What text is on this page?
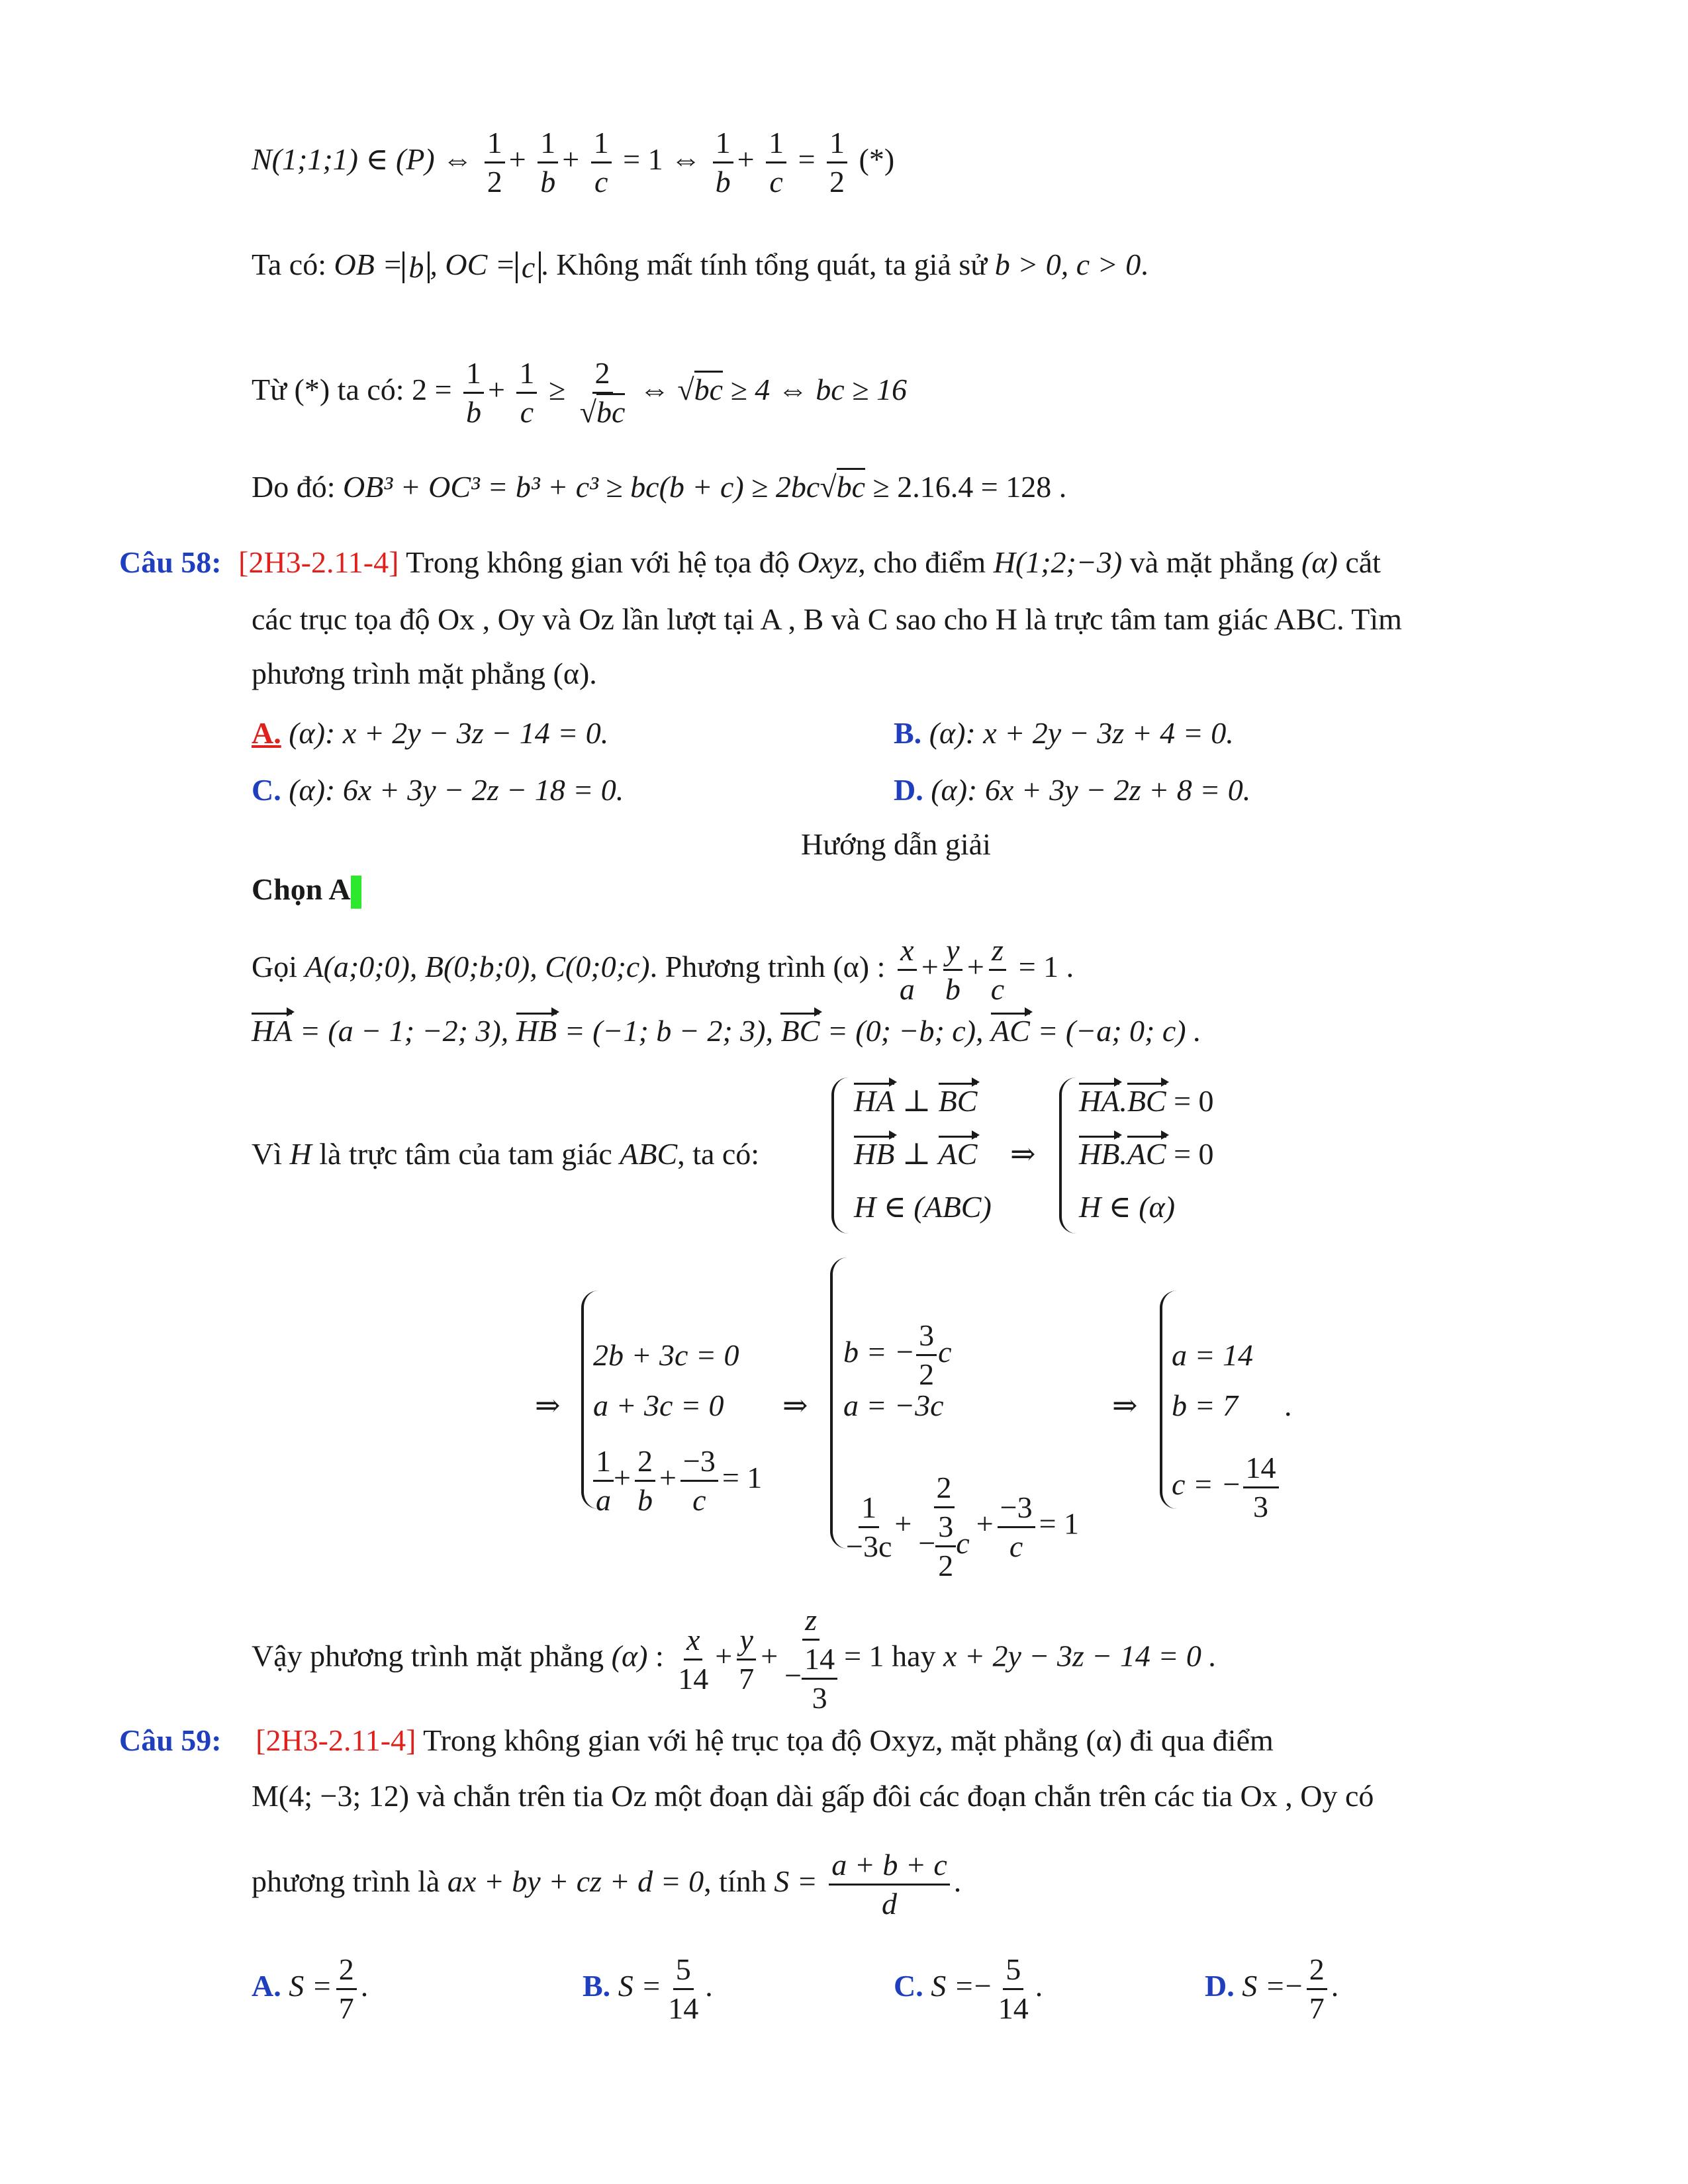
N(1;1;1) ∈ (P) ⇔ $\frac{1}{2} + \frac{1}{b} + \frac{1}{c} = 1$ ⇔ $\frac{1}{b} + \frac{1}{c} = \frac{1}{2}$ (*)
Ta có: OB = b , OC = c . Không mất tính tổng quát, ta giả sử b > 0, c > 0.
Từ (*) ta có: $2 = \frac{1}{b} + \frac{1}{c} \ge \frac{2}{√bc}$ ⇔ √bc ≥ 4 ⇔ bc ≥ 16
Do đó: OB³ + OC³ = b³ + c³ ≥ bc(b + c) ≥ 2bc√bc ≥ 2.16.4 = 128 .
Câu 58: [2H3-2.11-4] Trong không gian với hệ tọa độ Oxyz, cho điểm H(1;2;−3) và mặt phẳng (α) cắt
các trục tọa độ Ox , Oy và Oz lần lượt tại A , B và C sao cho H là trực tâm tam giác ABC. Tìm
phương trình mặt phẳng (α).
A. (α): x + 2y − 3z − 14 = 0.	B. (α): x + 2y − 3z + 4 = 0.
C. (α): 6x + 3y − 2z − 18 = 0.	D. (α): 6x + 3y − 2z + 8 = 0.
Hướng dẫn giải
Chọn A
Gọi A(a;0;0), B(0;b;0), C(0;0;c). Phương trình (α) : $\frac{x}{a} + \frac{y}{b} + \frac{z}{c} = 1$ .
HA = (a − 1; −2; 3), HB = (−1; b − 2; 3), BC = (0; −b; c), AC = (−a; 0; c) .
Vì H là trực tâm của tam giác ABC, ta có:
HA ⊥ BC
HB ⊥ AC
H ∈ (ABC)
⇒
HA.BC = 0
HB.AC = 0
H ∈ (α)
⇒
2b + 3c = 0
a + 3c = 0
$\frac{1}{a} + \frac{2}{b} + \frac{-3}{c} = 1$
⇒
b = − $\frac{3}{2}$ c
a = −3c
$\frac{1}{-3c} + \frac{2}{- \frac{3}{2} c} + \frac{-3}{c} = 1$
⇒
a = 14
b = 7
c = − $\frac{14}{3}$
.
Vậy phương trình mặt phẳng (α) : $\frac{x}{14} + \frac{y}{7} + \frac{z}{- \frac{14}{3}} = 1$ hay x + 2y − 3z − 14 = 0 .
Câu 59: [2H3-2.11-4] Trong không gian với hệ trục tọa độ Oxyz, mặt phẳng (α) đi qua điểm
M(4; −3; 12) và chắn trên tia Oz một đoạn dài gấp đôi các đoạn chắn trên các tia Ox , Oy có
phương trình là ax + by + cz + d = 0, tính $S = \frac{a + b + c}{d}$ .
A. $S = \frac{2}{7}$ .	B. $S = \frac{5}{14}$ .	C. $S =- \frac{5}{14}$ .	D. $S =- \frac{2}{7}$ .
